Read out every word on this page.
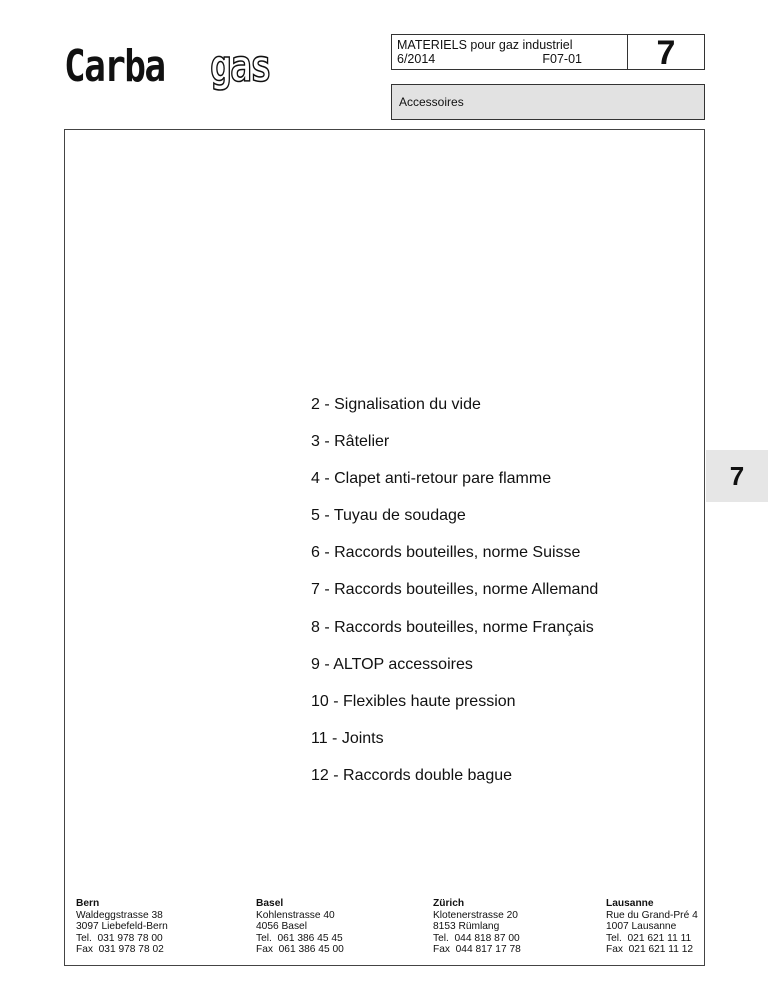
Carba	gas	MATERIELS pour gaz industriel
6/2014	F07-01	7
Accessoires
2 - Signalisation du vide
3 - Râtelier
4 - Clapet anti-retour pare flamme
5 - Tuyau de soudage
6 - Raccords bouteilles, norme Suisse
7 - Raccords bouteilles, norme Allemand
8 - Raccords bouteilles, norme Français
9 - ALTOP accessoires
10 - Flexibles haute pression
11 - Joints
12 - Raccords double bague
7
Bern
Waldeggstrasse 38
3097 Liebefeld-Bern
Tel.  031 978 78 00
Fax  031 978 78 02
Basel
Kohlenstrasse 40
4056 Basel
Tel.  061 386 45 45
Fax  061 386 45 00
Zürich
Klotenerstrasse 20
8153 Rümlang
Tel.  044 818 87 00
Fax  044 817 17 78
Lausanne
Rue du Grand-Pré 4
1007 Lausanne
Tel.  021 621 11 11
Fax  021 621 11 12
